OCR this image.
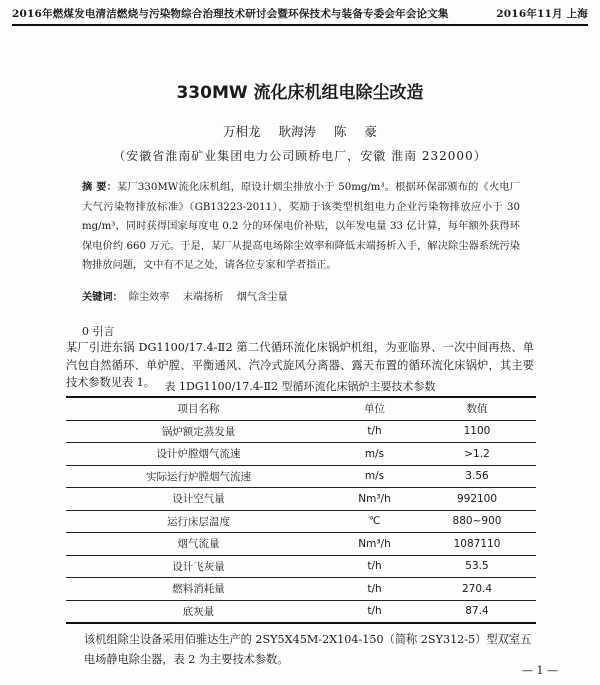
2016年燃煤发电清洁燃烧与污染物综合治理技术研讨会暨环保技术与装备专委会年会论文集	2016年11月 上海
330MW 流化床机组电除尘改造
万相龙 耿海涛 陈 豪
（安徽省淮南矿业集团电力公司顾桥电厂，安徽 淮南 232000）
摘 要：某厂330MW流化床机组，原设计烟尘排放小于 50mg/m³。根据环保部颁布的《火电厂大气污染物排放标准》（GB13223-2011），奖励于该类型机组电力企业污染物排放应小于 30 mg/m³，同时获得国家每度电 0.2 分的环保电价补贴，以年发电量 33 亿计算，每年额外获得环保电价约 660 万元。于是，某厂从提高电场除尘效率和降低末端扬析入手，解决除尘器系统污染物排放问题，文中有不足之处，请各位专家和学者指正。
关键词： 除尘效率 末端扬析 烟气含尘量
0 引言

某厂引进东锅 DG1100/17.4-Ⅱ2 第二代循环流化床锅炉机组，为亚临界、一次中间再热、单汽包自然循环、单炉膛、平衡通风、汽冷式旋风分离器、露天布置的循环流化床锅炉，其主要技术参数见表 1。 表 1DG1100/17.4-Ⅱ2 型循环流化床锅炉主要技术参数
项目名称	单位	数值
锅炉额定蒸发量	t/h	1100
设计炉膛烟气流速	m/s	>1.2
实际运行炉膛烟气流速	m/s	3.56
设计空气量	Nm³/h	992100
运行床层温度	℃	880~900
烟气流量	Nm³/h	1087110
设计飞灰量	t/h	53.5
燃料消耗量	t/h	270.4
底灰量	t/h	87.4
该机组除尘设备采用佰骓达生产的 2SY5X45M-2X104-150（简称 2SY312-5）型双室五电场静电除尘器，表 2 为主要技术参数。
— 1 —
